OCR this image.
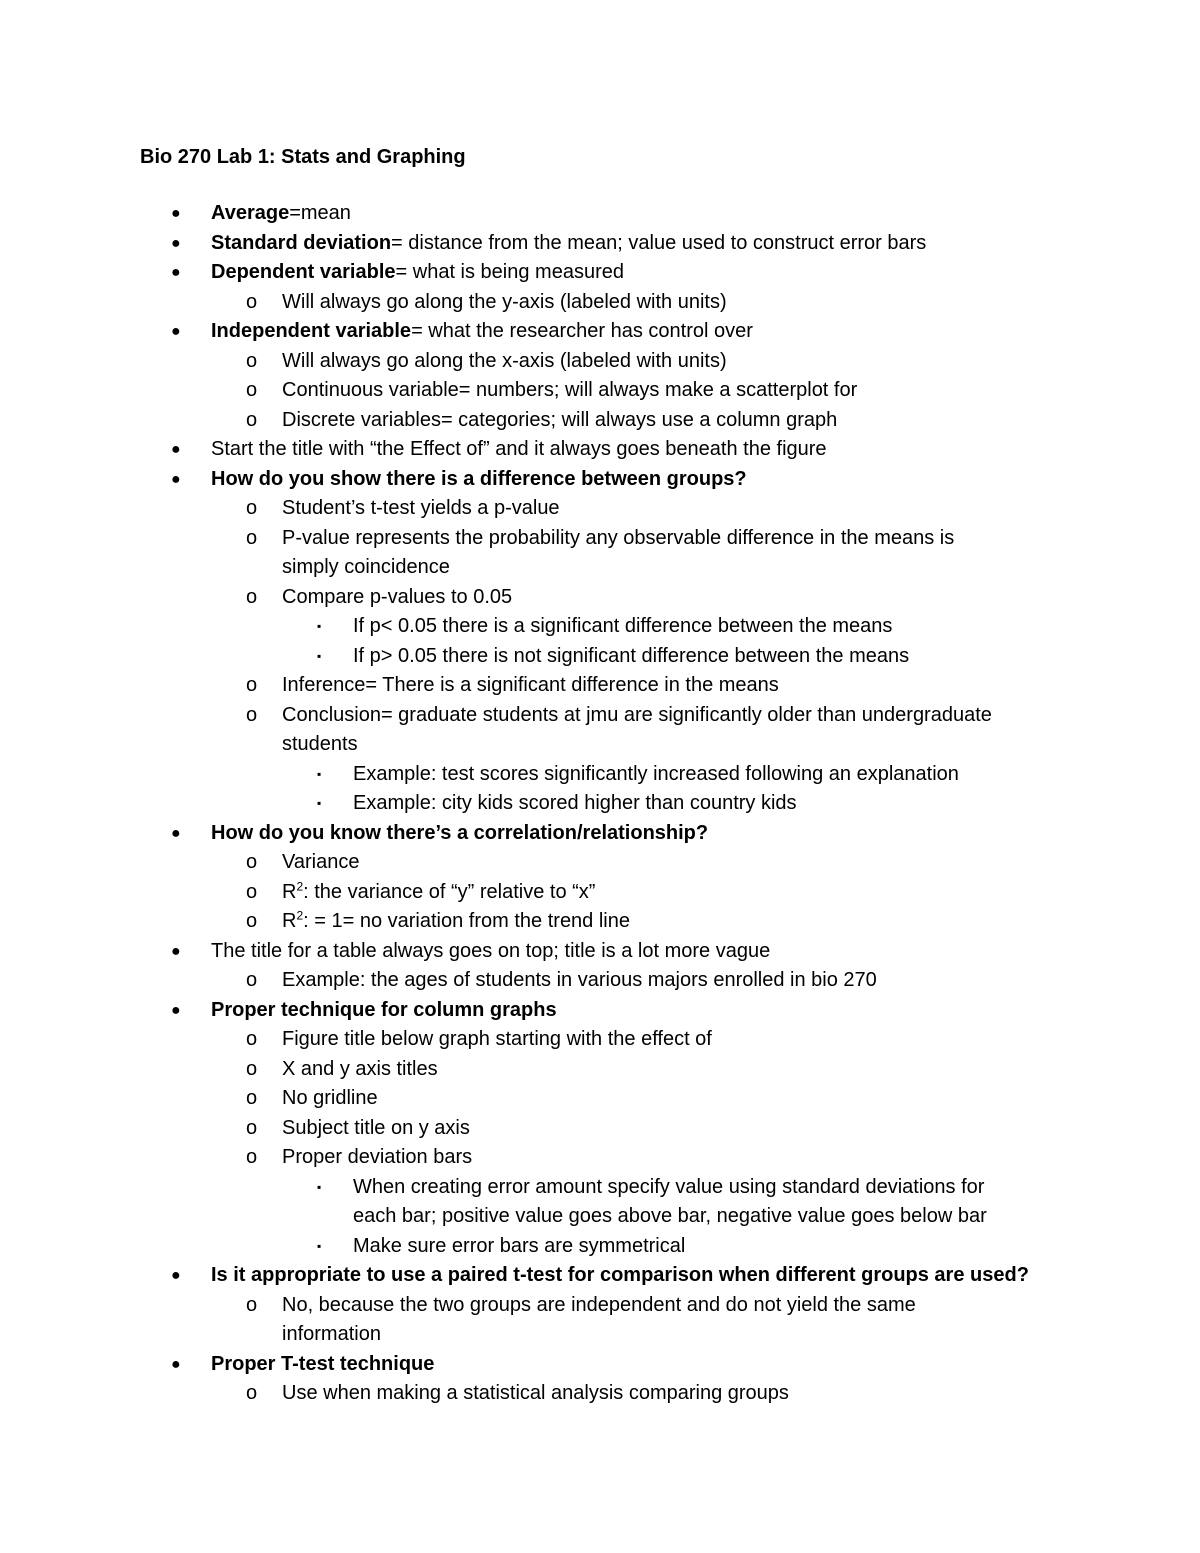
Bio 270 Lab 1: Stats and Graphing
● Average=mean
● Standard deviation= distance from the mean; value used to construct error bars
● Dependent variable= what is being measured
o Will always go along the y-axis (labeled with units)
● Independent variable= what the researcher has control over
o Will always go along the x-axis (labeled with units)
o Continuous variable= numbers; will always make a scatterplot for
o Discrete variables= categories; will always use a column graph
● Start the title with “the Effect of” and it always goes beneath the figure
● How do you show there is a difference between groups?
o Student’s t-test yields a p-value
o P-value represents the probability any observable difference in the means is
simply coincidence
o Compare p-values to 0.05
▪ If p< 0.05 there is a significant difference between the means
▪ If p> 0.05 there is not significant difference between the means
o Inference= There is a significant difference in the means
o Conclusion= graduate students at jmu are significantly older than undergraduate
students
▪ Example: test scores significantly increased following an explanation
▪ Example: city kids scored higher than country kids
● How do you know there’s a correlation/relationship?
o Variance
o $R^2$: the variance of “y” relative to “x”
o $R^2$: = 1= no variation from the trend line
● The title for a table always goes on top; title is a lot more vague
o Example: the ages of students in various majors enrolled in bio 270
● Proper technique for column graphs
o Figure title below graph starting with the effect of
o X and y axis titles
o No gridline
o Subject title on y axis
o Proper deviation bars
▪ When creating error amount specify value using standard deviations for
each bar; positive value goes above bar, negative value goes below bar
▪ Make sure error bars are symmetrical
● Is it appropriate to use a paired t-test for comparison when different groups are used?
o No, because the two groups are independent and do not yield the same
information
● Proper T-test technique
o Use when making a statistical analysis comparing groups
